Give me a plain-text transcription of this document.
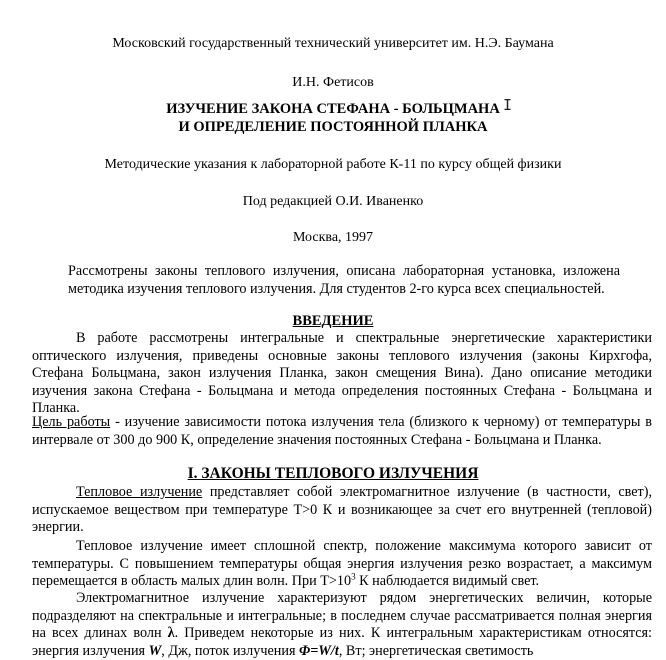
Московский государственный технический университет им. Н.Э. Баумана
И.Н. Фетисов
ИЗУЧЕНИЕ ЗАКОНА СТЕФАНА - БОЛЬЦМАНА
И ОПРЕДЕЛЕНИЕ ПОСТОЯННОЙ ПЛАНКА
I
Методические указания к лабораторной работе К-11 по курсу общей физики
Под редакцией О.И. Иваненко
Москва, 1997
Рассмотрены законы теплового излучения, описана лабораторная установка, изложена методика изучения теплового излучения. Для студентов 2-го курса всех специальностей.
ВВЕДЕНИЕ
В работе рассмотрены интегральные и спектральные энергетические характеристики оптического излучения, приведены основные законы теплового излучения (законы Кирхгофа, Стефана Больцмана, закон излучения Планка, закон смещения Вина). Дано описание методики изучения закона Стефана - Больцмана и метода определения постоянных Стефана - Больцмана и Планка.
Цель работы - изучение зависимости потока излучения тела (близкого к черному) от температуры в интервале от 300 до 900 К, определение значения постоянных Стефана - Больцмана и Планка.
I. ЗАКОНЫ ТЕПЛОВОГО ИЗЛУЧЕНИЯ
Тепловое излучение представляет собой электромагнитное излучение (в частности, свет), испускаемое веществом при температуре Т>0 К и возникающее за счет его внутренней (тепловой) энергии.
Тепловое излучение имеет сплошной спектр, положение максимума которого зависит от температуры. С повышением температуры общая энергия излучения резко возрастает, а максимум перемещается в область малых длин волн. При $Т>10^3$ К наблюдается видимый свет.
Электромагнитное излучение характеризуют рядом энергетических величин, которые подразделяют на спектральные и интегральные; в последнем случае рассматривается полная энергия на всех длинах волн λ. Приведем некоторые из них. К интегральным характеристикам относятся: энергия излучения W, Дж, поток излучения Φ=W/t, Вт; энергетическая светимость
